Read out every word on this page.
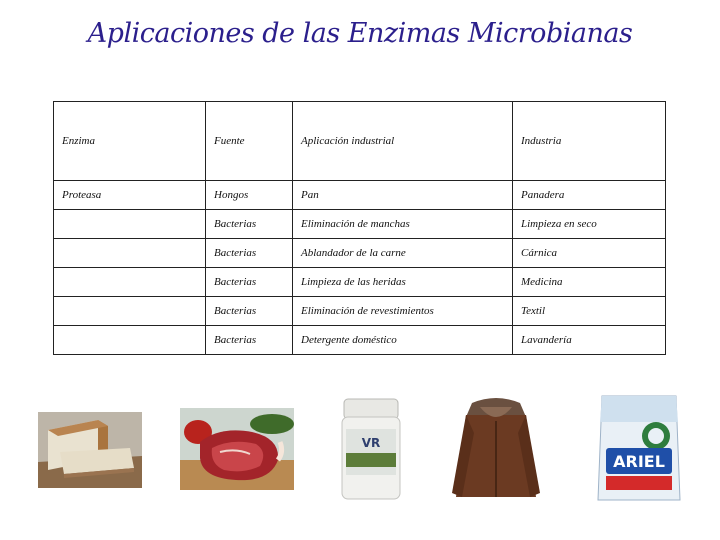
Aplicaciones de las Enzimas Microbianas
Enzima	Fuente	Aplicación industrial	Industria
Proteasa	Hongos	Pan	Panadera
	Bacterias	Eliminación de manchas	Limpieza en seco
	Bacterias	Ablandador de la carne	Cárnica
	Bacterias	Limpieza de las heridas	Medicina
	Bacterias	Eliminación de revestimientos	Textil
	Bacterias	Detergente doméstico	Lavandería
VR
ARIEL
